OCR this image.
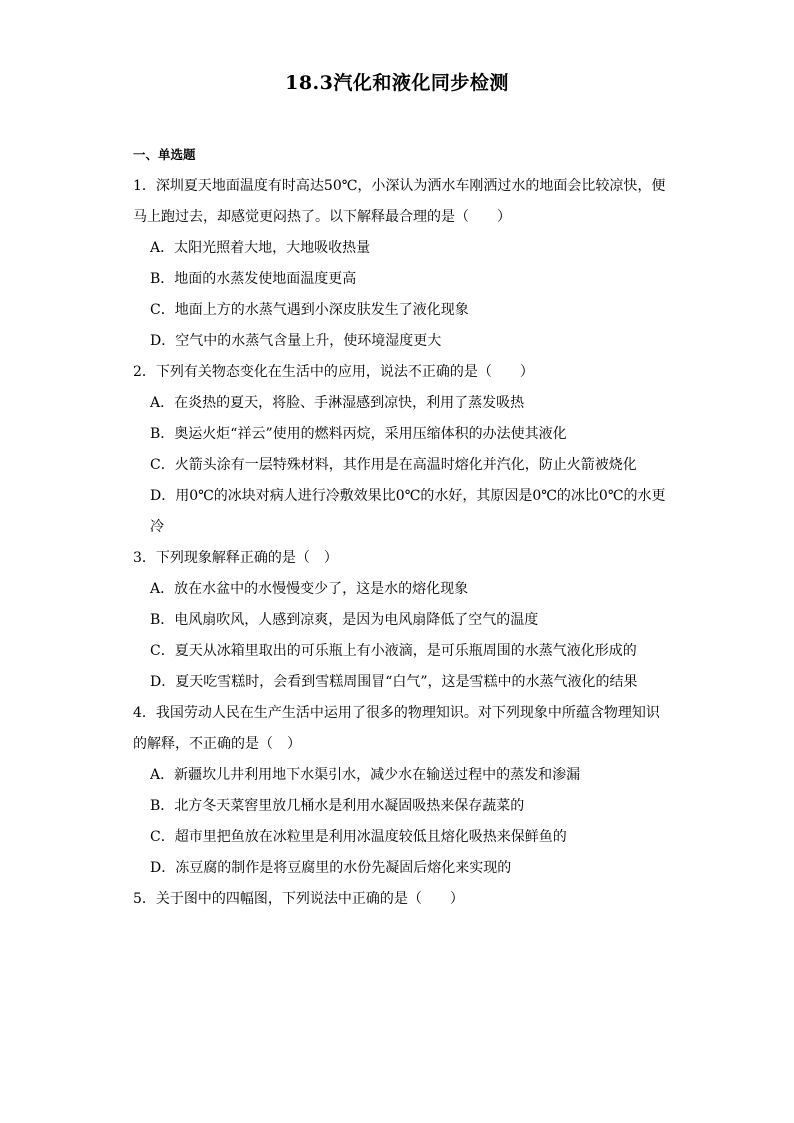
18.3汽化和液化同步检测
一、单选题
1．深圳夏天地面温度有时高达50℃，小深认为洒水车刚洒过水的地面会比较凉快，便
马上跑过去，却感觉更闷热了。以下解释最合理的是（　　）
A．太阳光照着大地，大地吸收热量
B．地面的水蒸发使地面温度更高
C．地面上方的水蒸气遇到小深皮肤发生了液化现象
D．空气中的水蒸气含量上升，使环境湿度更大
2．下列有关物态变化在生活中的应用，说法不正确的是（　　）
A．在炎热的夏天，将脸、手淋湿感到凉快，利用了蒸发吸热
B．奥运火炬“祥云”使用的燃料丙烷，采用压缩体积的办法使其液化
C．火箭头涂有一层特殊材料，其作用是在高温时熔化并汽化，防止火箭被烧化
D．用0℃的冰块对病人进行冷敷效果比0℃的水好，其原因是0℃的冰比0℃的水更
冷
3．下列现象解释正确的是（　）
A．放在水盆中的水慢慢变少了，这是水的熔化现象
B．电风扇吹风，人感到凉爽，是因为电风扇降低了空气的温度
C．夏天从冰箱里取出的可乐瓶上有小液滴，是可乐瓶周围的水蒸气液化形成的
D．夏天吃雪糕时，会看到雪糕周围冒“白气”，这是雪糕中的水蒸气液化的结果
4．我国劳动人民在生产生活中运用了很多的物理知识。对下列现象中所蕴含物理知识
的解释，不正确的是（　）
A．新疆坎儿井利用地下水渠引水，减少水在输送过程中的蒸发和渗漏
B．北方冬天菜窖里放几桶水是利用水凝固吸热来保存蔬菜的
C．超市里把鱼放在冰粒里是利用冰温度较低且熔化吸热来保鲜鱼的
D．冻豆腐的制作是将豆腐里的水份先凝固后熔化来实现的
5．关于图中的四幅图，下列说法中正确的是（　　）
